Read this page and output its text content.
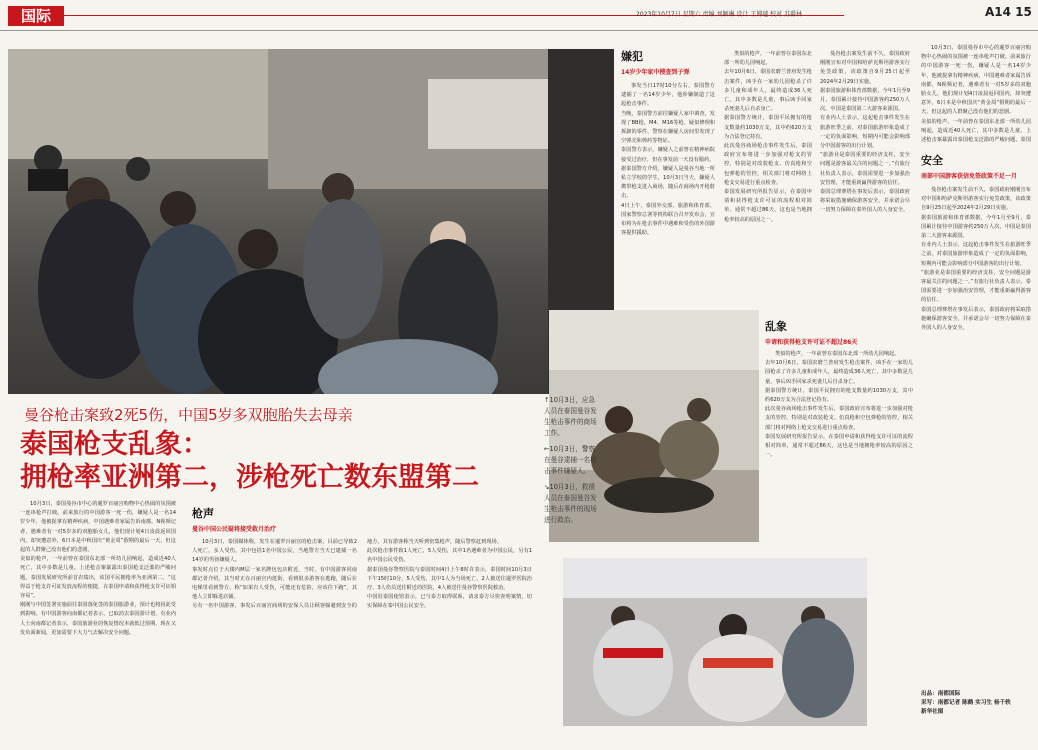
国际	2023年10月7日 星期六 责编 刘颖琳 设计 王博越 校对 苏爵林	A14 15
曼谷枪击案致2死5伤，中国5岁多双胞胎失去母亲
泰国枪支乱象：
拥枪率亚洲第二，涉枪死亡数东盟第二

10月3日，泰国曼谷市中心的暹罗百丽宫购物中心热闹的氛围被一连串枪声打破。前来旅行的中国游客一死一伤，嫌疑人是一名14岁少年，他被捉拿有精神疾病，中国遇难者家属告诉南都，N视频记者，遇难者有一对5岁多的双胞胎女儿，他们现计划4日凌晨返回国内，却突遭意外，6日本是中秋国庆“黄金周”假期的最后一天，但这起的人群聚己没有他们的悲剧。
美似的枪声，一年前曾在泰国东北部一所幼儿园响起，造成近40人死亡，其中多数是儿童。上述枪击案暴露出泰国枪支泛滥的严峻问题，泰国发展研究所前首农瑞出，该国平民拥枪率为亚洲第二，“这得益于枪支许可证发放流程的便捷，在泰国申请和获得枪支许可证相容易”。
刚刚与中国签署实施前往泰国落免签的泰国旅游业，预计也将因此受到影响。有中国游客向南都记者表示，已取消去泰国游计划，有业内人士向南都记者表示，泰国旅游业的恢复情况本就低过预期，现在又发负面新闻，更加需要下大力气去解决安全问题。

枪声
曼谷中国公民疑将接受救月治疗

10月3日，泰国媒体称，发生在暹罗百丽宫的枪击案，目前已导致2人死亡，多人受伤，其中包括1名中国公民，当地警方当天已逮捕一名14岁的男孩嫌疑人。
事发时点位于大楼内M层一家名牌包包店附近，当时，有中国游客同南都记者介绍，其当时正在百丽宫内逛街，看到很多游客在逃跑，随后在电梯里看到警方，称“如果有人受伤，可能还有危险，应该往下跑”，其他人立即躲进店铺。
另有一名中国游客，事发后百丽宫商场的安保人员让顾客躲避到安全的地方，其有游客称当天听到密集枪声，随后警察赶到现场。
此次枪击事件致1人死亡，5人受伤，其中1名遇难者为中国公民，另有1名中国公民受伤。
据泰国曼谷警察医院与泰国时间4日上午8时许表示，泰国时间10月3日下午15时10分，5人受伤，其中1人为当场死亡，2人被送往暹罗医院治疗，3人伤员送往附近的医院，4人被送往曼谷警察医院救治。
中国驻泰国使馆表示，已与泰方取得联系，请求泰方尽快查明案情，切实保障在泰中国公民安全。

嫌犯
14岁少年家中搜查到子弹

事发当日17时10分左右，泰国警方逮捕了一名14岁少年，他涉嫌制造了这起枪击事件。
当晚，泰国警方前往嫌疑人家中调查，发现了BB枪，M4、M16等枪，疑似修理和拆卸的零件、警察在嫌疑人房间里发现了空弹壳和弹药等物证。
泰国警方表示，嫌疑人之前曾在精神病院接受过治疗，但在事发前一天没有服药。
据泰国警方介绍，嫌疑人是曼谷当地一所私立学校的学生，10月3日当天，嫌疑人携带枪支进入商场，随后在商场内开枪射击。
4日上午，泰国外交部、旅游和体育部、国家警察总署等机构联合召开发布会，宣布将为在枪击事件中遇难和受伤的外国游客提供援助。

类似的枪声，一年前曾在泰国东北部一所幼儿园响起。
去年10月6日，泰国农磨兰普府发生枪击案件，凶手在一家幼儿园枪杀了许多儿童和成年人，最终造成36人死亡，其中多数是儿童，事后凶手回家杀死妻儿后自杀身亡。
据泰国警方统计，泰国平民拥有的枪支数量约1030万支，其中约620万支为合法登记持有。
此次曼谷商场枪击事件发生后，泰国政府宣布将进一步加强对枪支的管控，特别是对改装枪支、仿真枪和空包弹枪的管控，相关部门将对网络上枪支交易进行重点检查。
泰国发展研究所报告显示，在泰国申请和获得枪支许可证的流程相对简单，通常不超过86天，这也是当地拥枪率较高的原因之一。

曼谷枪击案发生前不久，泰国政府刚刚宣布对中国和哈萨克斯坦游客实行免签政策，该政策自9月25日起至2024年2月29日实施。
据泰国旅游和体育部数据，今年1月至9月，泰国累计接待中国游客约250万人次，中国是泰国第二大游客来源国。
有业内人士表示，这起枪击事件发生在旅游旺季之前，对泰国旅游形象造成了一定的负面影响，短期内可能会影响部分中国游客的出行计划。
“旅游业是泰国重要的经济支柱，安全问题是游客最关注的问题之一。”有旅行社负责人表示，泰国需要进一步加强治安管理，才能重新赢得游客的信任。
泰国总理赛塔在事发后表示，泰国政府将采取措施确保游客安全，并承诺会尽一切努力保障在泰外国人的人身安全。

乱象
申请和获得枪支许可证不超过86天

类似的枪声，一年前曾在泰国东北部一所幼儿园响起。
去年10月6日，泰国农磨兰普府发生枪击案件，凶手在一家幼儿园枪杀了许多儿童和成年人，最终造成36人死亡，其中多数是儿童，事后凶手回家杀死妻儿后自杀身亡。
据泰国警方统计，泰国平民拥有的枪支数量约1030万支，其中约620万支为合法登记持有。
此次曼谷商场枪击事件发生后，泰国政府宣布将进一步加强对枪支的管控，特别是对改装枪支、仿真枪和空包弹枪的管控，相关部门将对网络上枪支交易进行重点检查。
泰国发展研究所报告显示，在泰国申请和获得枪支许可证的流程相对简单，通常不超过86天，这也是当地拥枪率较高的原因之一。

↑10月3日，应急人员在泰国曼谷发生枪击事件的商场工作。

←10月3日，警察在曼谷逮捕一名枪击事件嫌疑人。

↘10月3日，救援人员在泰国曼谷发生枪击事件的现场进行救治。

安全
南部中国游客获信免签政策不足一月

曼谷枪击案发生前不久，泰国政府刚刚宣布对中国和哈萨克斯坦游客实行免签政策，该政策自9月25日起至2024年2月29日实施。
据泰国旅游和体育部数据，今年1月至9月，泰国累计接待中国游客约250万人次，中国是泰国第二大游客来源国。
有业内人士表示，这起枪击事件发生在旅游旺季之前，对泰国旅游形象造成了一定的负面影响，短期内可能会影响部分中国游客的出行计划。
“旅游业是泰国重要的经济支柱，安全问题是游客最关注的问题之一。”有旅行社负责人表示，泰国需要进一步加强治安管理，才能重新赢得游客的信任。
泰国总理赛塔在事发后表示，泰国政府将采取措施确保游客安全，并承诺会尽一切努力保障在泰外国人的人身安全。

10月3日，泰国曼谷市中心的暹罗百丽宫购物中心热闹的氛围被一连串枪声打破。前来旅行的中国游客一死一伤，嫌疑人是一名14岁少年，他被捉拿有精神疾病，中国遇难者家属告诉南都，N视频记者，遇难者有一对5岁多的双胞胎女儿，他们现计划4日凌晨返回国内，却突遭意外，6日本是中秋国庆“黄金周”假期的最后一天，但这起的人群聚己没有他们的悲剧。
美似的枪声，一年前曾在泰国东北部一所幼儿园响起，造成近40人死亡，其中多数是儿童。上述枪击案暴露出泰国枪支泛滥的严峻问题，泰国

出品：南都国际
采写：南都记者 陈鹤 实习生 杨千轶
新华社图
